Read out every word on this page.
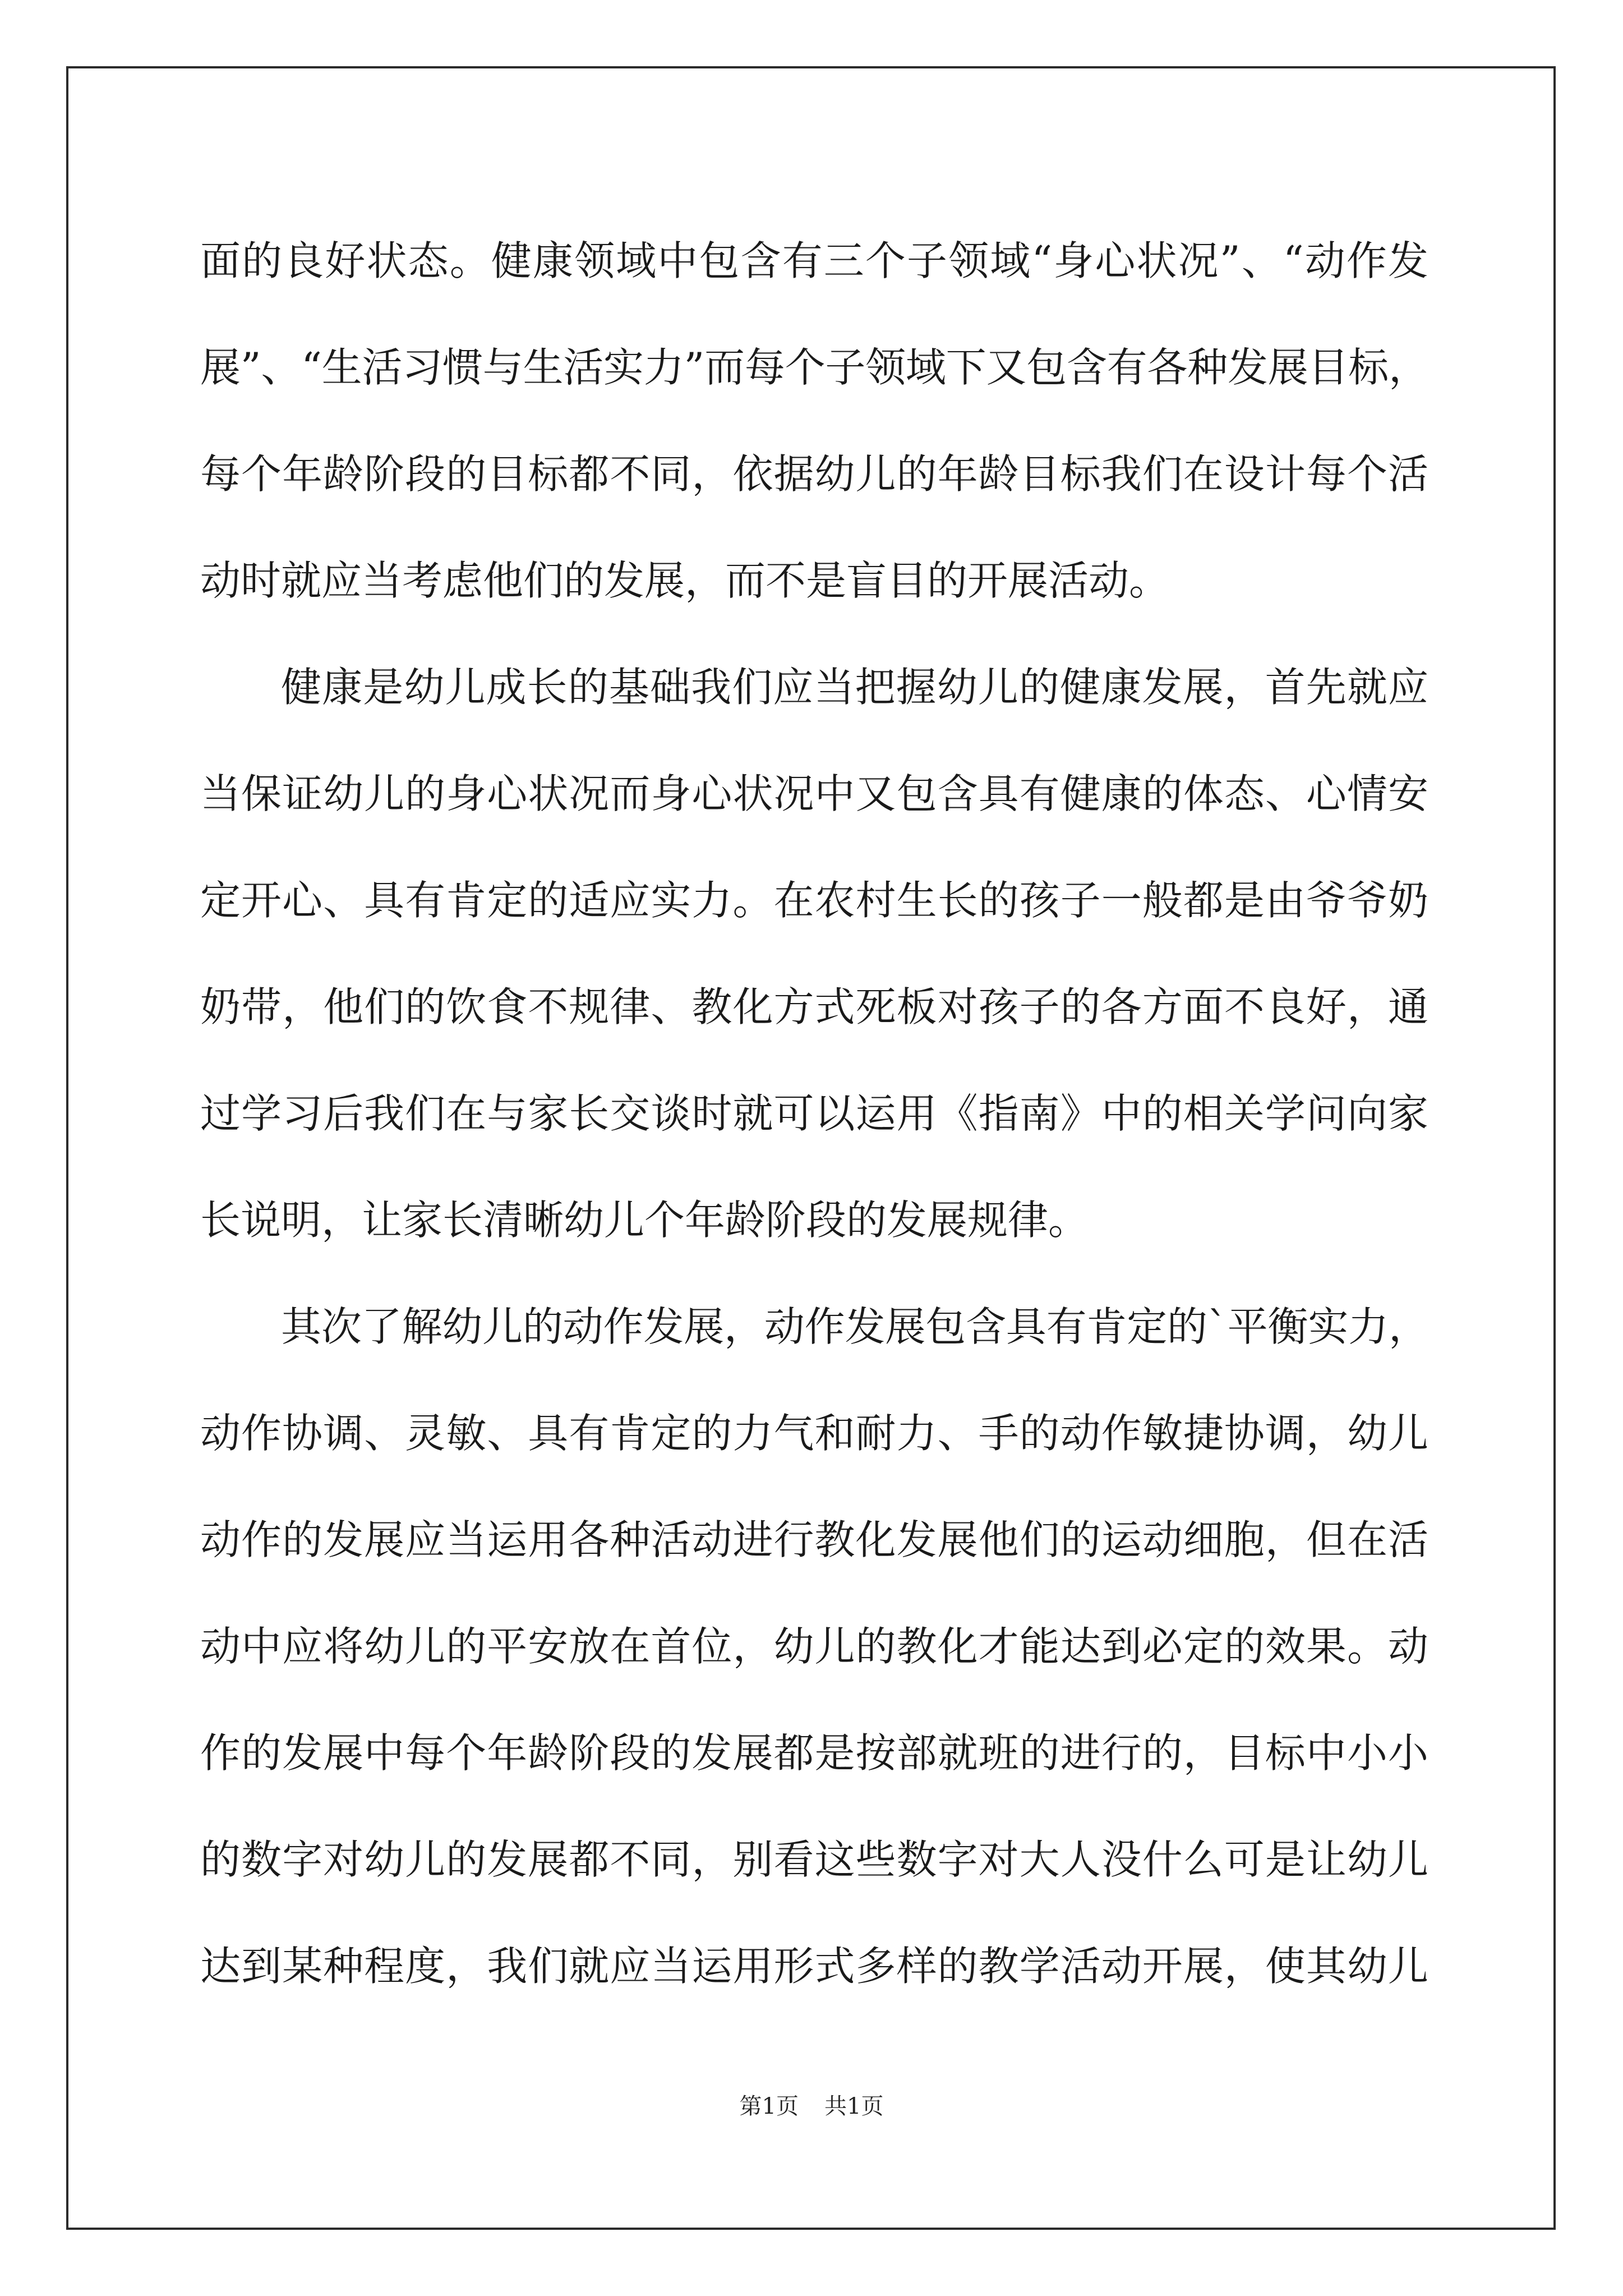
面的良好状态。健康领域中包含有三个子领域“身心状况”、“动作发
展”、“生活习惯与生活实力”而每个子领域下又包含有各种发展目标，
每个年龄阶段的目标都不同，依据幼儿的年龄目标我们在设计每个活
动时就应当考虑他们的发展，而不是盲目的开展活动。
健康是幼儿成长的基础我们应当把握幼儿的健康发展，首先就应
当保证幼儿的身心状况而身心状况中又包含具有健康的体态、心情安
定开心、具有肯定的适应实力。在农村生长的孩子一般都是由爷爷奶
奶带，他们的饮食不规律、教化方式死板对孩子的各方面不良好，通
过学习后我们在与家长交谈时就可以运用《指南》中的相关学问向家
长说明，让家长清晰幼儿个年龄阶段的发展规律。
其次了解幼儿的动作发展，动作发展包含具有肯定的`平衡实力，
动作协调、灵敏、具有肯定的力气和耐力、手的动作敏捷协调，幼儿
动作的发展应当运用各种活动进行教化发展他们的运动细胞，但在活
动中应将幼儿的平安放在首位，幼儿的教化才能达到必定的效果。动
作的发展中每个年龄阶段的发展都是按部就班的进行的，目标中小小
的数字对幼儿的发展都不同，别看这些数字对大人没什么可是让幼儿
达到某种程度，我们就应当运用形式多样的教学活动开展，使其幼儿
第1页 共1页
